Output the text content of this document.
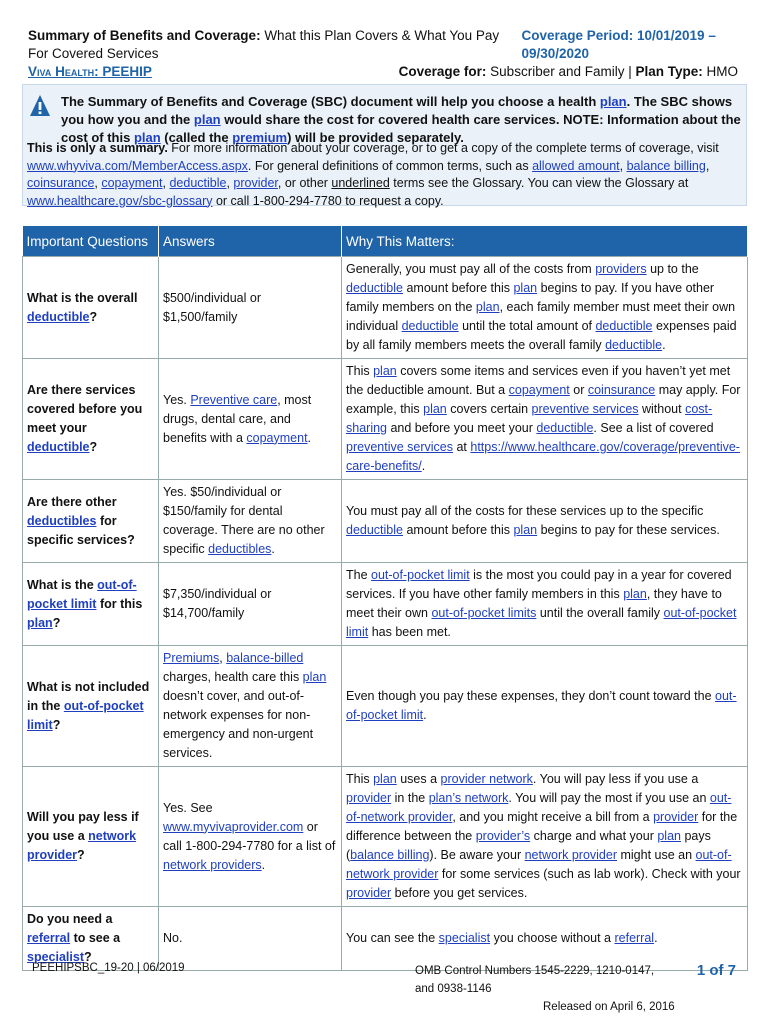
Summary of Benefits and Coverage: What this Plan Covers & What You Pay For Covered Services
Coverage Period: 10/01/2019 – 09/30/2020
Viva Health: PEEHIP	Coverage for: Subscriber and Family | Plan Type: HMO
The Summary of Benefits and Coverage (SBC) document will help you choose a health plan. The SBC shows you how you and the plan would share the cost for covered health care services. NOTE: Information about the cost of this plan (called the premium) will be provided separately.
This is only a summary. For more information about your coverage, or to get a copy of the complete terms of coverage, visit www.whyviva.com/MemberAccess.aspx. For general definitions of common terms, such as allowed amount, balance billing, coinsurance, copayment, deductible, provider, or other underlined terms see the Glossary. You can view the Glossary at www.healthcare.gov/sbc-glossary or call 1-800-294-7780 to request a copy.
Important Questions	Answers	Why This Matters:
What is the overall deductible?	$500/individual or $1,500/family	Generally, you must pay all of the costs from providers up to the deductible amount before this plan begins to pay. If you have other family members on the plan, each family member must meet their own individual deductible until the total amount of deductible expenses paid by all family members meets the overall family deductible.
Are there services covered before you meet your deductible?	Yes. Preventive care, most drugs, dental care, and benefits with a copayment.	This plan covers some items and services even if you haven’t yet met the deductible amount. But a copayment or coinsurance may apply. For example, this plan covers certain preventive services without cost-sharing and before you meet your deductible. See a list of covered preventive services at https://www.healthcare.gov/coverage/preventive-care-benefits/.
Are there other deductibles for specific services?	Yes. $50/individual or $150/family for dental coverage. There are no other specific deductibles.	You must pay all of the costs for these services up to the specific deductible amount before this plan begins to pay for these services.
What is the out-of-pocket limit for this plan?	$7,350/individual or $14,700/family	The out-of-pocket limit is the most you could pay in a year for covered services. If you have other family members in this plan, they have to meet their own out-of-pocket limits until the overall family out-of-pocket limit has been met.
What is not included in the out-of-pocket limit?	Premiums, balance-billed charges, health care this plan doesn’t cover, and out-of-network expenses for non-emergency and non-urgent services.	Even though you pay these expenses, they don’t count toward the out-of-pocket limit.
Will you pay less if you use a network provider?	Yes. See www.myvivaprovider.com or call 1-800-294-7780 for a list of network providers.	This plan uses a provider network. You will pay less if you use a provider in the plan’s network. You will pay the most if you use an out-of-network provider, and you might receive a bill from a provider for the difference between the provider’s charge and what your plan pays (balance billing). Be aware your network provider might use an out-of-network provider for some services (such as lab work). Check with your provider before you get services.
Do you need a referral to see a specialist?	No.	You can see the specialist you choose without a referral.
PEEHIPSBC_19-20 | 06/2019	OMB Control Numbers 1545-2229, 1210-0147, and 0938-1146
Released on April 6, 2016
1 of 7
